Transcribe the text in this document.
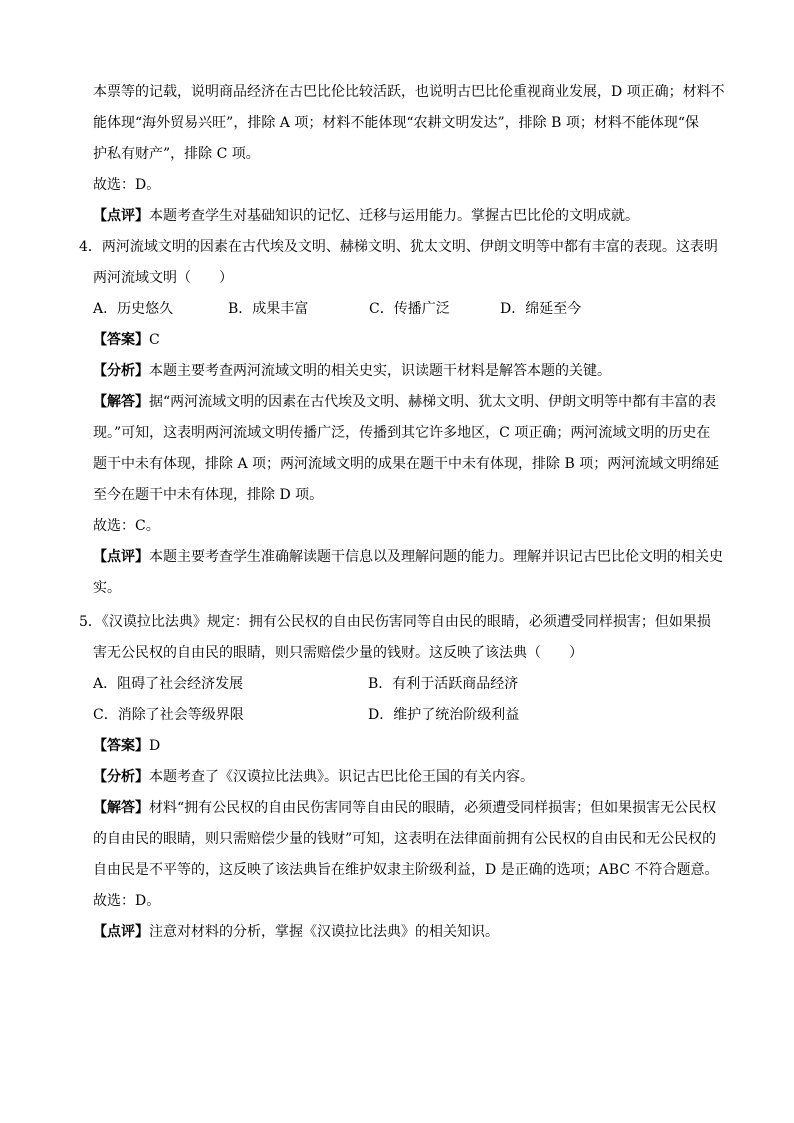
本票等的记载，说明商品经济在古巴比伦比较活跃，也说明古巴比伦重视商业发展，D 项正确；材料不
能体现“海外贸易兴旺”，排除 A 项；材料不能体现“农耕文明发达”，排除 B 项；材料不能体现“保
护私有财产”，排除 C 项。
故选：D。
【点评】本题考查学生对基础知识的记忆、迁移与运用能力。掌握古巴比伦的文明成就。
4．两河流域文明的因素在古代埃及文明、赫梯文明、犹太文明、伊朗文明等中都有丰富的表现。这表明
两河流域文明（　　）
A．历史悠久	B．成果丰富	C．传播广泛	D．绵延至今
【答案】C
【分析】本题主要考查两河流域文明的相关史实，识读题干材料是解答本题的关键。
【解答】据“两河流域文明的因素在古代埃及文明、赫梯文明、犹太文明、伊朗文明等中都有丰富的表
现。”可知，这表明两河流域文明传播广泛，传播到其它许多地区，C 项正确；两河流域文明的历史在
题干中未有体现，排除 A 项；两河流域文明的成果在题干中未有体现，排除 B 项；两河流域文明绵延
至今在题干中未有体现，排除 D 项。
故选：C。
【点评】本题主要考查学生准确解读题干信息以及理解问题的能力。理解并识记古巴比伦文明的相关史
实。
5．《汉谟拉比法典》规定：拥有公民权的自由民伤害同等自由民的眼睛，必须遭受同样损害；但如果损
害无公民权的自由民的眼睛，则只需赔偿少量的钱财。这反映了该法典（　　）
A．阻碍了社会经济发展	B．有利于活跃商品经济
C．消除了社会等级界限	D．维护了统治阶级利益
【答案】D
【分析】本题考查了《汉谟拉比法典》。识记古巴比伦王国的有关内容。
【解答】材料“拥有公民权的自由民伤害同等自由民的眼睛，必须遭受同样损害；但如果损害无公民权
的自由民的眼睛，则只需赔偿少量的钱财”可知，这表明在法律面前拥有公民权的自由民和无公民权的
自由民是不平等的，这反映了该法典旨在维护奴隶主阶级利益，D 是正确的选项；ABC 不符合题意。
故选：D。
【点评】注意对材料的分析，掌握《汉谟拉比法典》的相关知识。
